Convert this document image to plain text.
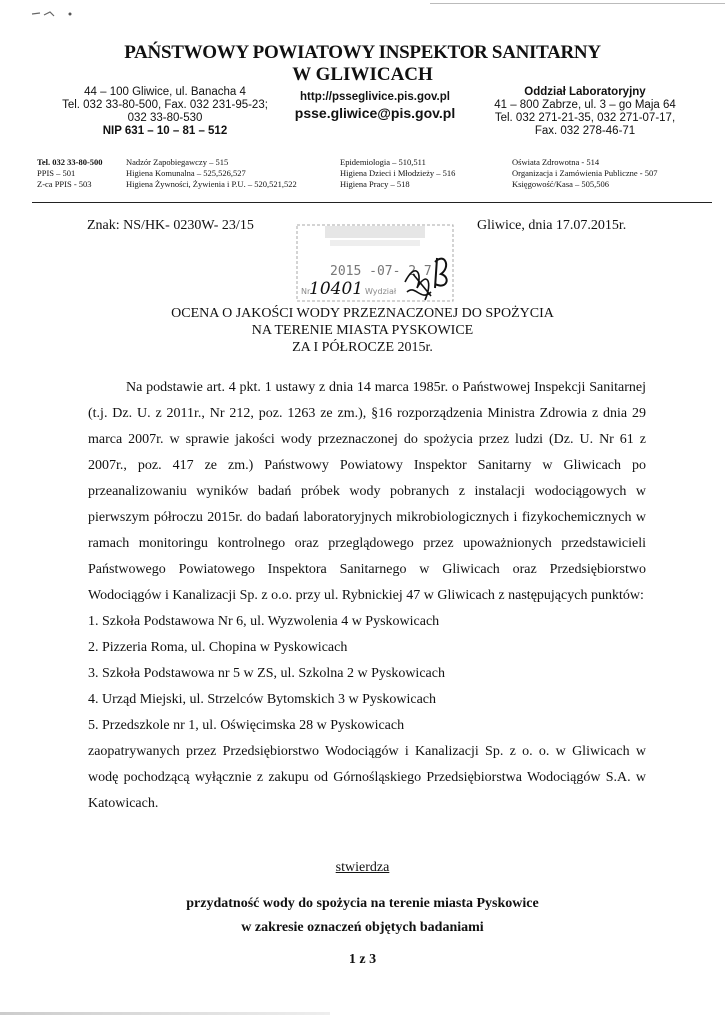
PAŃSTWOWY POWIATOWY INSPEKTOR SANITARNY
W GLIWICACH
44 – 100 Gliwice, ul. Banacha 4
Tel. 032 33-80-500, Fax. 032 231-95-23;
032 33-80-530
NIP 631 – 10 – 81 – 512
http://psseglivice.pis.gov.pl
psse.gliwice@pis.gov.pl
Oddział Laboratoryjny
41 – 800 Zabrze, ul. 3 – go Maja 64
Tel. 032 271-21-35, 032 271-07-17,
Fax. 032 278-46-71
Tel. 032 33-80-500
PPIS – 501
Z-ca PPIS - 503
Nadzór Zapobiegawczy – 515
Higiena Komunalna – 525,526,527
Higiena Żywności, Żywienia i P.U. – 520,521,522
Epidemiologia – 510,511
Higiena Dzieci i Młodzieży – 516
Higiena Pracy – 518
Oświata Zdrowotna - 514
Organizacja i Zamówienia Publiczne - 507
Księgowość/Kasa – 505,506
Znak: NS/HK- 0230W- 23/15	Gliwice, dnia 17.07.2015r.
2015 -07- 2 7
Nr	Wydział
10401
OCENA O JAKOŚCI WODY PRZEZNACZONEJ DO SPOŻYCIA
NA TERENIE MIASTA PYSKOWICE
ZA I PÓŁROCZE 2015r.

Na podstawie art. 4 pkt. 1 ustawy z dnia 14 marca 1985r. o Państwowej Inspekcji Sanitarnej (t.j. Dz. U. z 2011r., Nr 212, poz. 1263 ze zm.), §16 rozporządzenia Ministra Zdrowia z dnia 29 marca 2007r. w sprawie jakości wody przeznaczonej do spożycia przez ludzi (Dz. U. Nr 61 z 2007r., poz. 417 ze zm.) Państwowy Powiatowy Inspektor Sanitarny w Gliwicach po przeanalizowaniu wyników badań próbek wody pobranych z instalacji wodociągowych w pierwszym półroczu 2015r. do badań laboratoryjnych mikrobiologicznych i fizykochemicznych w ramach monitoringu kontrolnego oraz przeglądowego przez upoważnionych przedstawicieli Państwowego Powiatowego Inspektora Sanitarnego w Gliwicach oraz Przedsiębiorstwo Wodociągów i Kanalizacji Sp. z o.o. przy ul. Rybnickiej 47 w Gliwicach z następujących punktów:

1. Szkoła Podstawowa Nr 6, ul. Wyzwolenia 4 w Pyskowicach
2. Pizzeria Roma, ul. Chopina w Pyskowicach
3. Szkoła Podstawowa nr 5 w ZS, ul. Szkolna 2 w Pyskowicach
4. Urząd Miejski, ul. Strzelców Bytomskich 3 w Pyskowicach
5. Przedszkole nr 1, ul. Oświęcimska 28 w Pyskowicach

zaopatrywanych przez Przedsiębiorstwo Wodociągów i Kanalizacji Sp. z o. o. w Gliwicach w wodę pochodzącą wyłącznie z zakupu od Górnośląskiego Przedsiębiorstwa Wodociągów S.A. w Katowicach.

stwierdza
przydatność wody do spożycia na terenie miasta Pyskowice
w zakresie oznaczeń objętych badaniami
1 z 3
